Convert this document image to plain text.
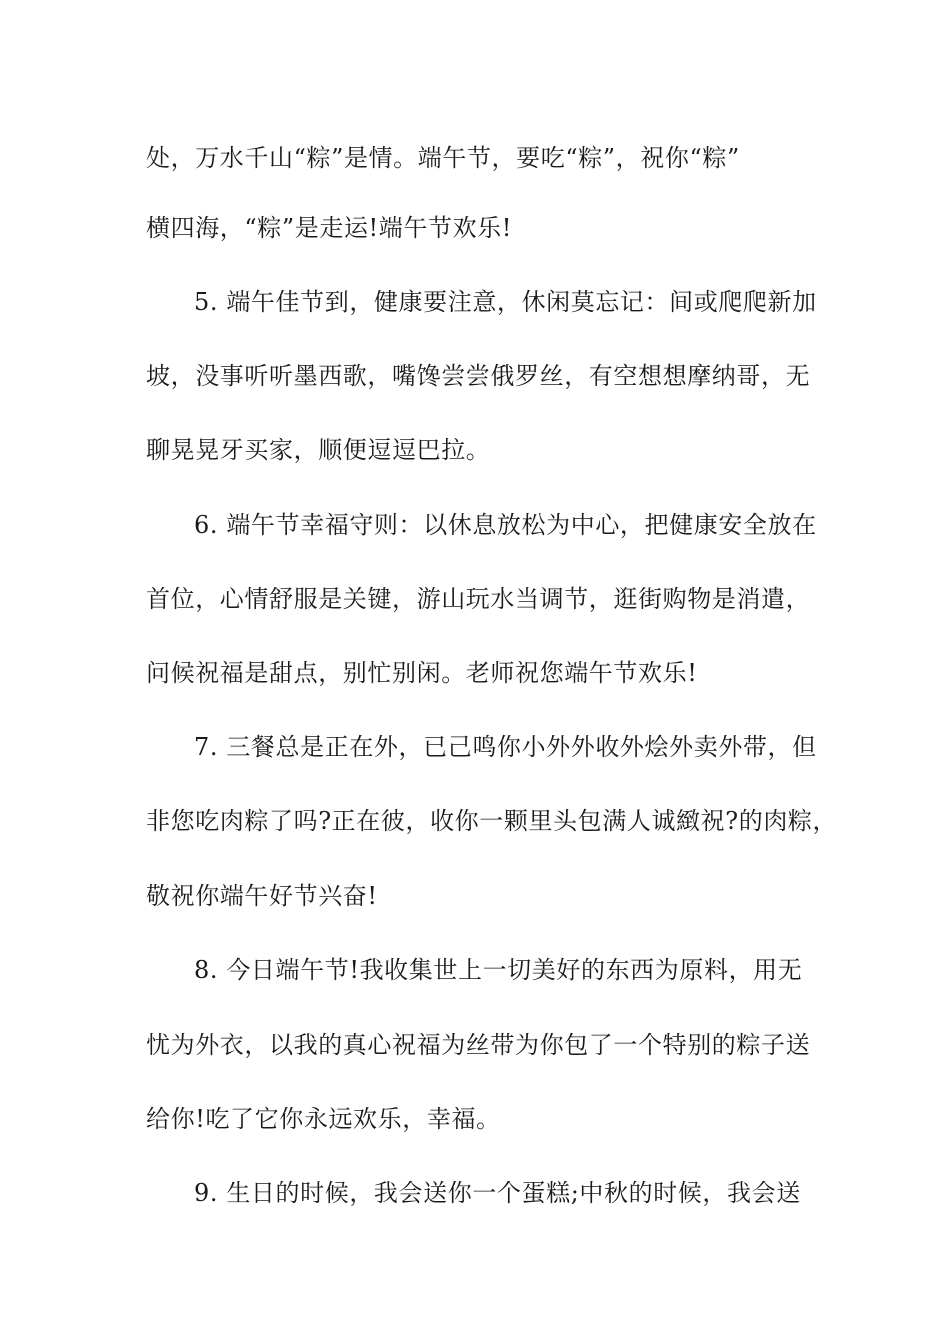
处，万水千山“粽”是情。端午节，要吃“粽”，祝你“粽”

横四海，“粽”是走运!端午节欢乐!

5. 端午佳节到，健康要注意，休闲莫忘记：间或爬爬新加

坡，没事听听墨西歌，嘴馋尝尝俄罗丝，有空想想摩纳哥，无

聊晃晃牙买家，顺便逗逗巴拉。

6. 端午节幸福守则：以休息放松为中心，把健康安全放在

首位，心情舒服是关键，游山玩水当调节，逛街购物是消遣，

问候祝福是甜点，别忙别闲。老师祝您端午节欢乐!

7. 三餐总是正在外，已己鸣你小外外收外烩外卖外带，但

非您吃肉粽了吗?正在彼，收你一颗里头包满人诚緻祝?的肉粽，

敬祝你端午好节兴奋!

8. 今日端午节!我收集世上一切美好的东西为原料，用无

忧为外衣，以我的真心祝福为丝带为你包了一个特别的粽子送

给你!吃了它你永远欢乐，幸福。

9. 生日的时候，我会送你一个蛋糕;中秋的时候，我会送
